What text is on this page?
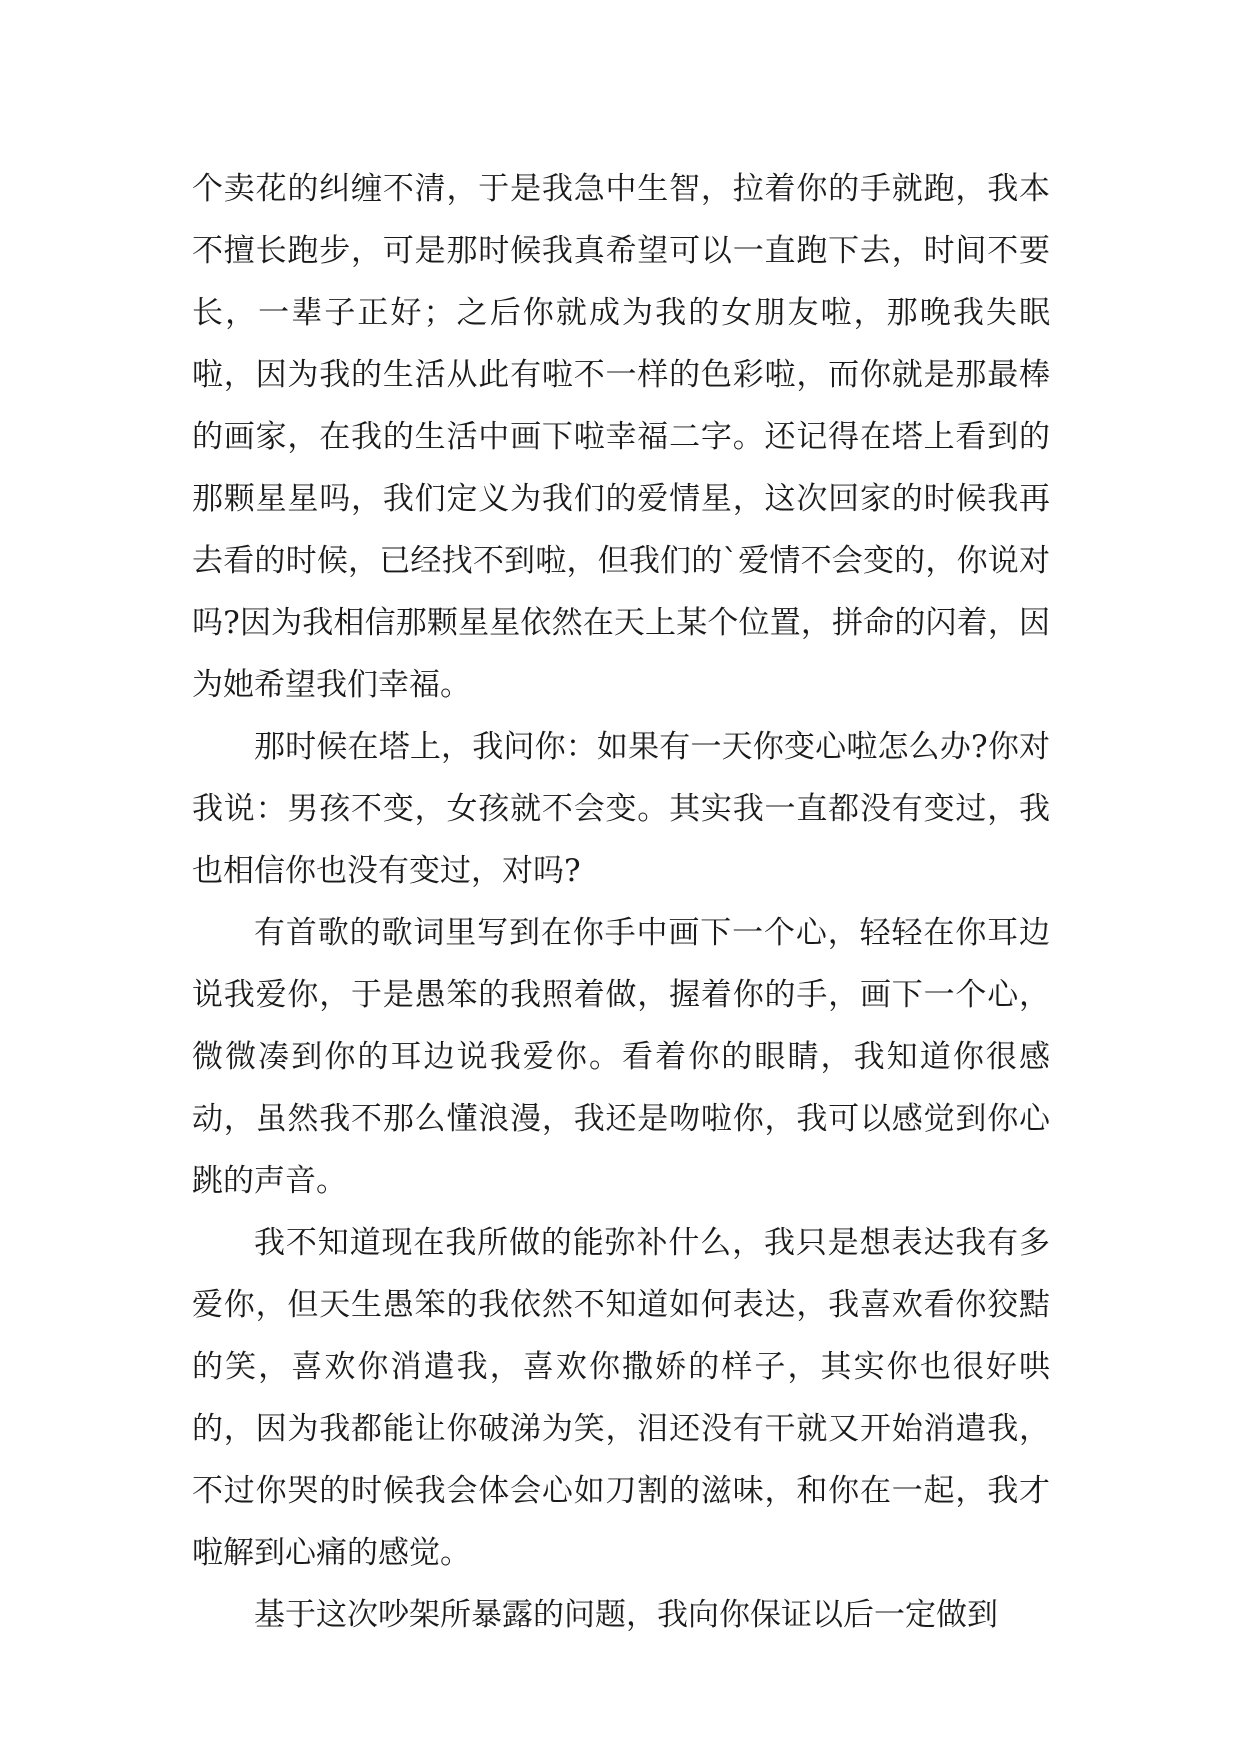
个卖花的纠缠不清，于是我急中生智，拉着你的手就跑，我本不擅长跑步，可是那时候我真希望可以一直跑下去，时间不要长，一辈子正好；之后你就成为我的女朋友啦，那晚我失眠啦，因为我的生活从此有啦不一样的色彩啦，而你就是那最棒的画家，在我的生活中画下啦幸福二字。还记得在塔上看到的那颗星星吗，我们定义为我们的爱情星，这次回家的时候我再去看的时候，已经找不到啦，但我们的`爱情不会变的，你说对吗?因为我相信那颗星星依然在天上某个位置，拼命的闪着，因为她希望我们幸福。

那时候在塔上，我问你：如果有一天你变心啦怎么办?你对我说：男孩不变，女孩就不会变。其实我一直都没有变过，我也相信你也没有变过，对吗?

有首歌的歌词里写到在你手中画下一个心，轻轻在你耳边说我爱你，于是愚笨的我照着做，握着你的手，画下一个心，微微凑到你的耳边说我爱你。看着你的眼睛，我知道你很感动，虽然我不那么懂浪漫，我还是吻啦你，我可以感觉到你心跳的声音。

我不知道现在我所做的能弥补什么，我只是想表达我有多爱你，但天生愚笨的我依然不知道如何表达，我喜欢看你狡黠的笑，喜欢你消遣我，喜欢你撒娇的样子，其实你也很好哄的，因为我都能让你破涕为笑，泪还没有干就又开始消遣我，不过你哭的时候我会体会心如刀割的滋味，和你在一起，我才啦解到心痛的感觉。

基于这次吵架所暴露的问题，我向你保证以后一定做到
